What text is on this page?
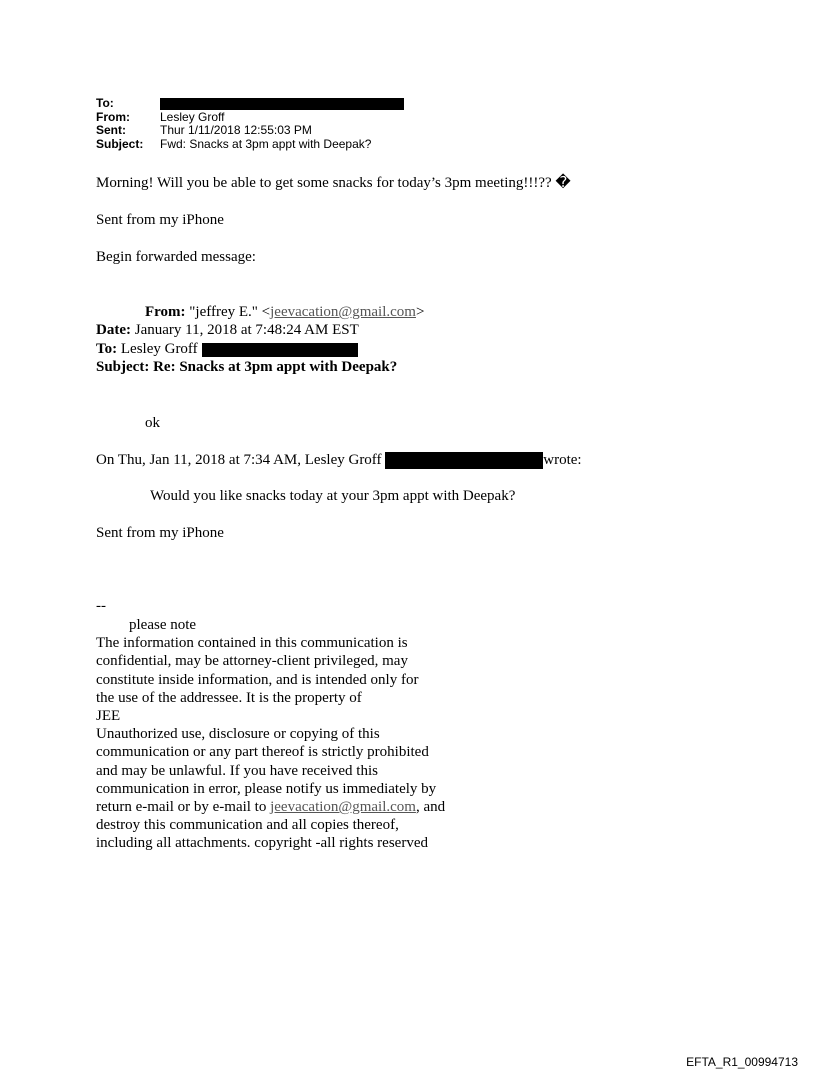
To:
From:	Lesley Groff
Sent:	Thur 1/11/2018 12:55:03 PM
Subject:	Fwd: Snacks at 3pm appt with Deepak?
Morning! Will you be able to get some snacks for today’s 3pm meeting!!!?? �
Sent from my iPhone
Begin forwarded message:
From: "jeffrey E." <jeevacation@gmail.com>
Date: January 11, 2018 at 7:48:24 AM EST
To: Lesley Groff
Subject: Re: Snacks at 3pm appt with Deepak?
ok
On Thu, Jan 11, 2018 at 7:34 AM, Lesley Groff	wrote:
Would you like snacks today at your 3pm appt with Deepak?
Sent from my iPhone
--
please note
The information contained in this communication is
confidential, may be attorney-client privileged, may
constitute inside information, and is intended only for
the use of the addressee. It is the property of
JEE
Unauthorized use, disclosure or copying of this
communication or any part thereof is strictly prohibited
and may be unlawful. If you have received this
communication in error, please notify us immediately by
return e-mail or by e-mail to jeevacation@gmail.com, and
destroy this communication and all copies thereof,
including all attachments. copyright -all rights reserved
EFTA_R1_00994713
